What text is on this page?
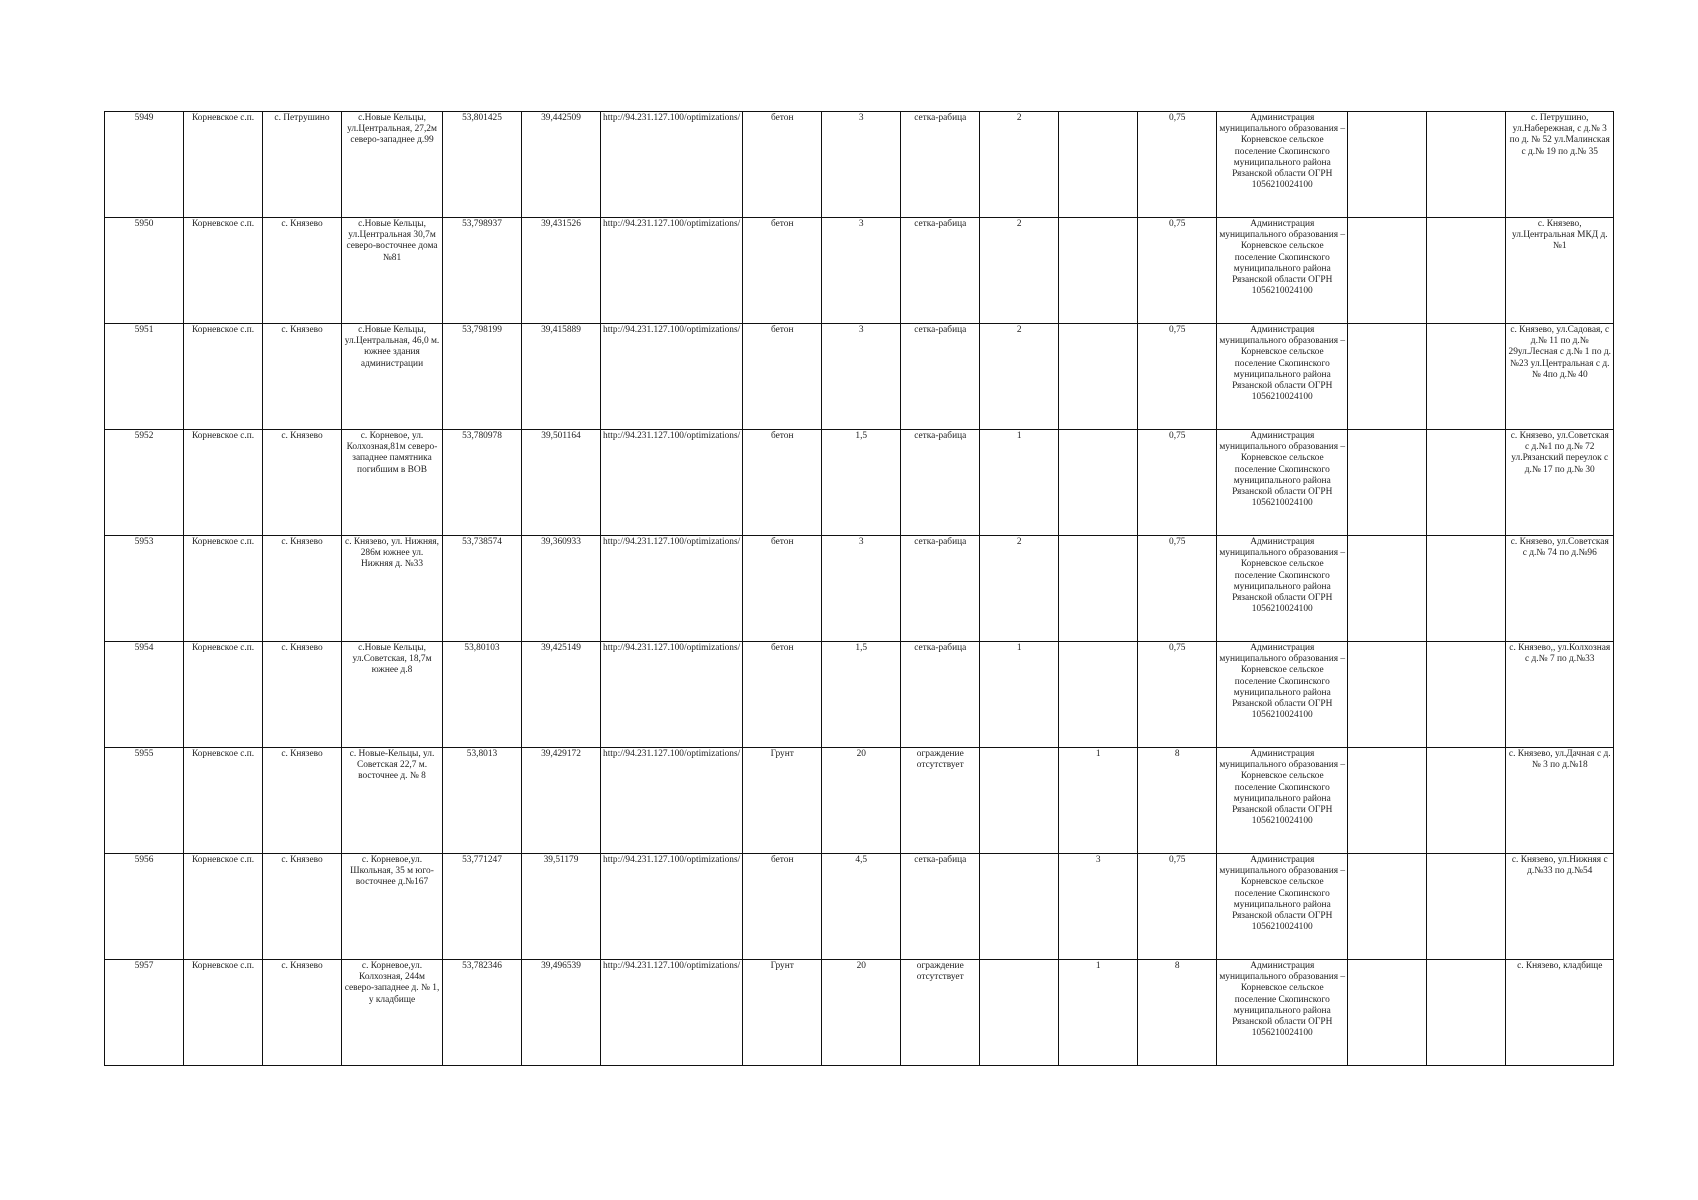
5949	Корневское с.п.	с. Петрушино	с.Новые Кельцы, ул.Центральная, 27,2м северо-западнее д.99	53,801425	39,442509	http://94.231.127.100/optimizations/	бетон	3	сетка-рабица	2		0,75	Администрация муниципального образования – Корневское сельское поселение Скопинского муниципального района Рязанской области ОГРН 1056210024100			с. Петрушино, ул.Набережная, с д.№ 3 по д. № 52 ул.Малинская с д.№ 19 по д.№ 35
5950	Корневское с.п.	с. Князево	с.Новые Кельцы, ул.Центральная 30,7м северо-восточнее дома №81	53,798937	39,431526	http://94.231.127.100/optimizations/	бетон	3	сетка-рабица	2		0,75	Администрация муниципального образования – Корневское сельское поселение Скопинского муниципального района Рязанской области ОГРН 1056210024100			с. Князево, ул.Центральная МКД д.№1
5951	Корневское с.п.	с. Князево	с.Новые Кельцы, ул.Центральная, 46,0 м. южнее здания администрации	53,798199	39,415889	http://94.231.127.100/optimizations/	бетон	3	сетка-рабица	2		0,75	Администрация муниципального образования – Корневское сельское поселение Скопинского муниципального района Рязанской области ОГРН 1056210024100			с. Князево, ул.Садовая, с д.№ 11 по д.№ 29ул.Лесная с д.№ 1 по д.№23 ул.Центральная с д.№ 4по д.№ 40
5952	Корневское с.п.	с. Князево	с. Корневое, ул. Колхозная,81м северо-западнее памятника погибшим в ВОВ	53,780978	39,501164	http://94.231.127.100/optimizations/	бетон	1,5	сетка-рабица	1		0,75	Администрация муниципального образования – Корневское сельское поселение Скопинского муниципального района Рязанской области ОГРН 1056210024100			с. Князево, ул.Советская с д.№1 по д.№ 72 ул.Рязанский переулок с д.№ 17 по д.№ 30
5953	Корневское с.п.	с. Князево	с. Князево, ул. Нижняя, 286м южнее ул. Нижняя д. №33	53,738574	39,360933	http://94.231.127.100/optimizations/	бетон	3	сетка-рабица	2		0,75	Администрация муниципального образования – Корневское сельское поселение Скопинского муниципального района Рязанской области ОГРН 1056210024100			с. Князево, ул.Советская с д.№ 74 по д.№96
5954	Корневское с.п.	с. Князево	с.Новые Кельцы, ул.Советская, 18,7м южнее д.8	53,80103	39,425149	http://94.231.127.100/optimizations/	бетон	1,5	сетка-рабица	1		0,75	Администрация муниципального образования – Корневское сельское поселение Скопинского муниципального района Рязанской области ОГРН 1056210024100			с. Князево,, ул.Колхозная с д.№ 7 по д.№33
5955	Корневское с.п.	с. Князево	с. Новые-Кельцы, ул. Советская 22,7 м. восточнее д. № 8	53,8013	39,429172	http://94.231.127.100/optimizations/	Грунт	20	ограждение отсутствует		1	8	Администрация муниципального образования – Корневское сельское поселение Скопинского муниципального района Рязанской области ОГРН 1056210024100			с. Князево, ул.Дачная с д.№ 3 по д.№18
5956	Корневское с.п.	с. Князево	с. Корневое,ул. Школьная, 35 м юго-восточнее д.№167	53,771247	39,51179	http://94.231.127.100/optimizations/	бетон	4,5	сетка-рабица		3	0,75	Администрация муниципального образования – Корневское сельское поселение Скопинского муниципального района Рязанской области ОГРН 1056210024100			с. Князево, ул.Нижняя с д.№33 по д.№54
5957	Корневское с.п.	с. Князево	с. Корневое,ул. Колхозная, 244м северо-западнее д. № 1, у кладбище	53,782346	39,496539	http://94.231.127.100/optimizations/	Грунт	20	ограждение отсутствует		1	8	Администрация муниципального образования – Корневское сельское поселение Скопинского муниципального района Рязанской области ОГРН 1056210024100			с. Князево, кладбище
